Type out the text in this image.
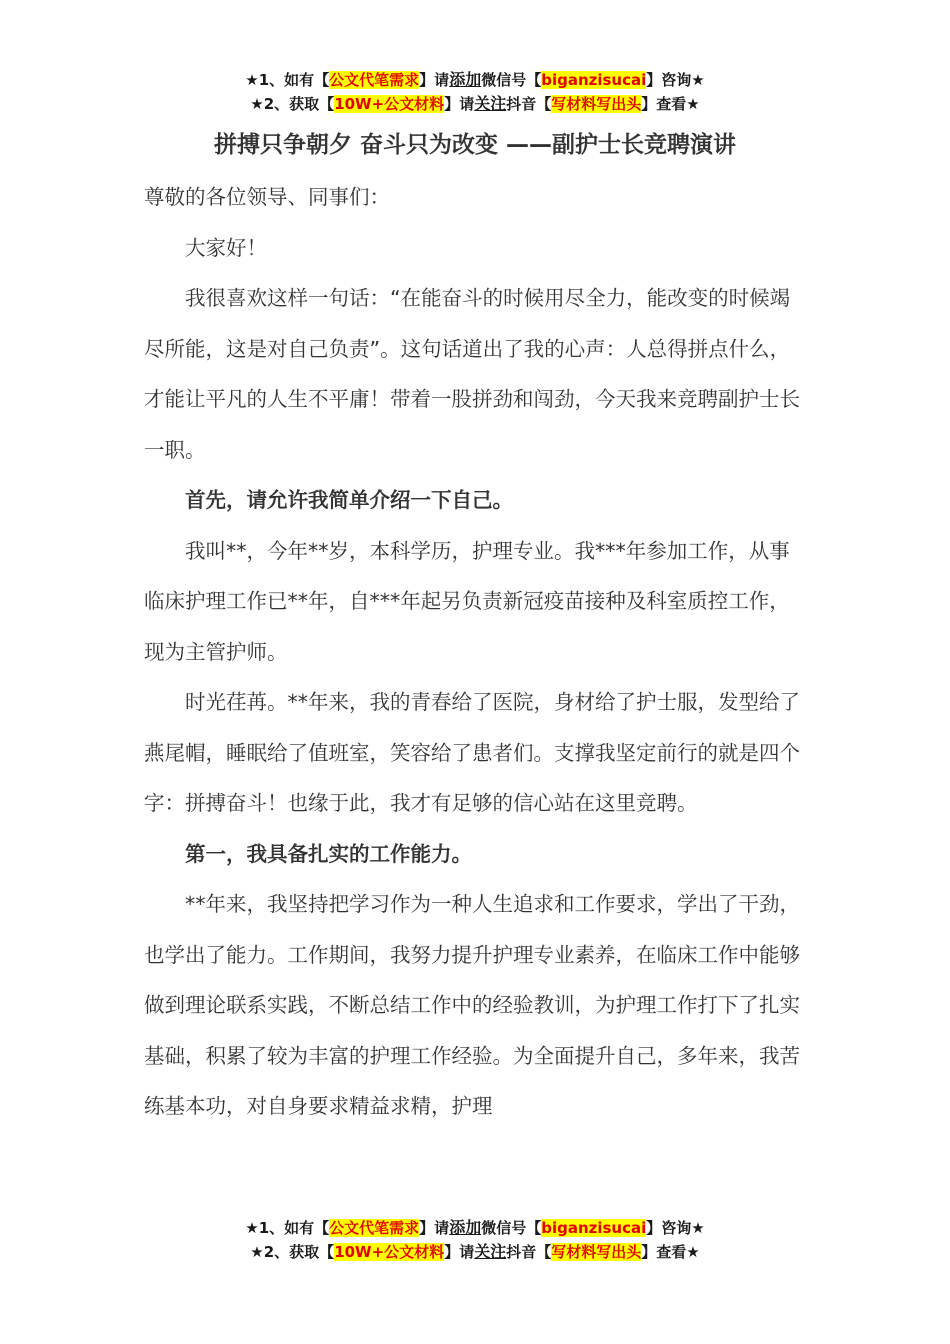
★1、如有【公文代笔需求】请添加微信号【biganzisucai】咨询★
★2、获取【10W+公文材料】请关注抖音【写材料写出头】查看★
拼搏只争朝夕 奋斗只为改变 ——副护士长竞聘演讲

尊敬的各位领导、同事们：

大家好！

我很喜欢这样一句话：“在能奋斗的时候用尽全力，能改变的时候竭尽所能，这是对自己负责”。这句话道出了我的心声：人总得拼点什么，才能让平凡的人生不平庸！带着一股拼劲和闯劲，今天我来竞聘副护士长一职。

首先，请允许我简单介绍一下自己。

我叫**，今年**岁，本科学历，护理专业。我***年参加工作，从事临床护理工作已**年，自***年起另负责新冠疫苗接种及科室质控工作，现为主管护师。

时光荏苒。**年来，我的青春给了医院，身材给了护士服，发型给了燕尾帽，睡眠给了值班室，笑容给了患者们。支撑我坚定前行的就是四个字：拼搏奋斗！也缘于此，我才有足够的信心站在这里竞聘。

第一，我具备扎实的工作能力。

**年来，我坚持把学习作为一种人生追求和工作要求，学出了干劲，也学出了能力。工作期间，我努力提升护理专业素养，在临床工作中能够做到理论联系实践，不断总结工作中的经验教训，为护理工作打下了扎实基础，积累了较为丰富的护理工作经验。为全面提升自己，多年来，我苦练基本功，对自身要求精益求精，护理

★1、如有【公文代笔需求】请添加微信号【biganzisucai】咨询★
★2、获取【10W+公文材料】请关注抖音【写材料写出头】查看★
